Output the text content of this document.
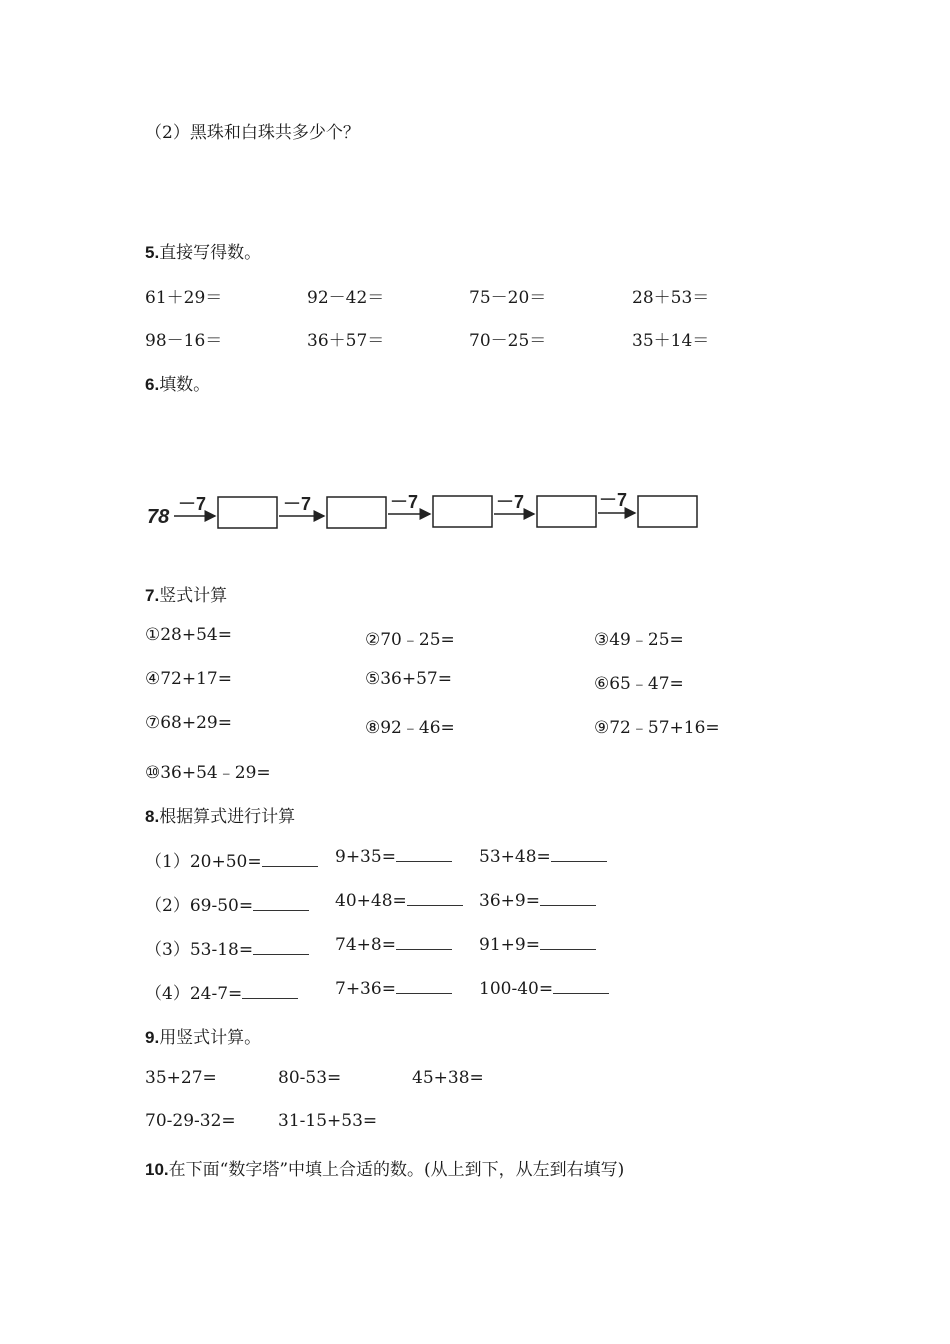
（2）黑珠和白珠共多少个？
5.直接写得数。
61＋29＝	92－42＝	75－20＝	28＋53＝
98－16＝	36＋57＝	70－25＝	35＋14＝
6.填数。
78
－7	－7	－7	－7	－7
7.竖式计算
①28+54=	②70﹣25=	③49﹣25=
④72+17=	⑤36+57=	⑥65﹣47=
⑦68+29=	⑧92﹣46=	⑨72﹣57+16=
⑩36+54﹣29=
8.根据算式进行计算
（1）20+50=	9+35=	53+48=
（2）69-50=	40+48=	36+9=
（3）53-18=	74+8=	91+9=
（4）24-7=	7+36=	100-40=
9.用竖式计算。
35+27=	80-53=	45+38=
70-29-32= 31-15+53=
10.在下面“数字塔”中填上合适的数。(从上到下，从左到右填写)
